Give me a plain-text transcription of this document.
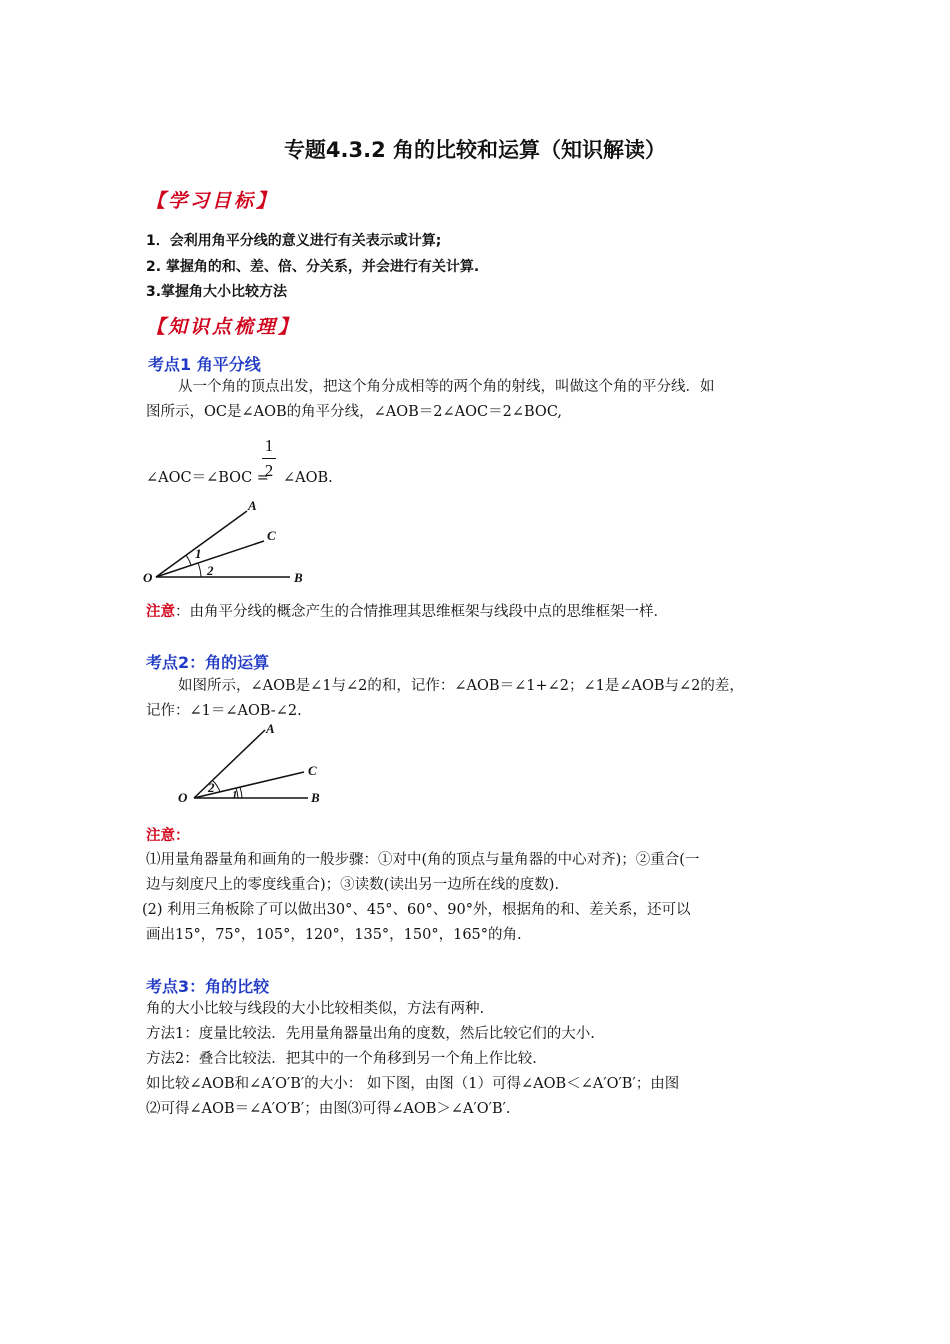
专题4.3.2 角的比较和运算（知识解读）
【学习目标】
1．会利用角平分线的意义进行有关表示或计算;
2. 掌握角的和、差、倍、分关系，并会进行有关计算.
3.掌握角大小比较方法
【知识点梳理】
考点1 角平分线
从一个角的顶点出发，把这个角分成相等的两个角的射线，叫做这个角的平分线．如
图所示，OC是∠AOB的角平分线，∠AOB＝2∠AOC＝2∠BOC,
∠AOC＝∠BOC =
1
2 ∠AOB.
A
C
O	B
1
2
注意：由角平分线的概念产生的合情推理其思维框架与线段中点的思维框架一样．
考点2：角的运算
如图所示，∠AOB是∠1与∠2的和，记作：∠AOB＝∠1+∠2；∠1是∠AOB与∠2的差，
记作：∠1＝∠AOB-∠2.
O
A
C
B
2 1
注意：
⑴用量角器量角和画角的一般步骤：①对中(角的顶点与量角器的中心对齐)；②重合(一
边与刻度尺上的零度线重合)；③读数(读出另一边所在线的度数).
(2) 利用三角板除了可以做出30°、45°、60°、90°外，根据角的和、差关系，还可以
画出15°，75°，105°，120°，135°，150°，165°的角.
考点3：角的比较
角的大小比较与线段的大小比较相类似，方法有两种.
方法1：度量比较法．先用量角器量出角的度数，然后比较它们的大小.
方法2：叠合比较法．把其中的一个角移到另一个角上作比较.
如比较∠AOB和∠A′O′B′的大小： 如下图，由图（1）可得∠AOB＜∠A′O′B′；由图
⑵可得∠AOB＝∠A′O′B′；由图⑶可得∠AOB＞∠A′O′B′.
